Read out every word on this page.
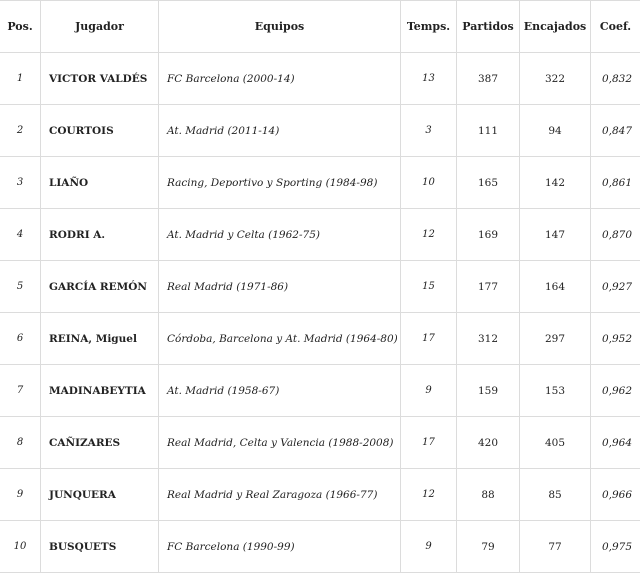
Pos.	Jugador	Equipos	Temps.	Partidos	Encajados	Coef.
1	VICTOR VALDÉS	FC Barcelona (2000-14)	13	387	322	0,832
2	COURTOIS	At. Madrid (2011-14)	3	111	94	0,847
3	LIAÑO	Racing, Deportivo y Sporting (1984-98)	10	165	142	0,861
4	RODRI A.	At. Madrid y Celta (1962-75)	12	169	147	0,870
5	GARCÍA REMÓN	Real Madrid (1971-86)	15	177	164	0,927
6	REINA, Miguel	Córdoba, Barcelona y At. Madrid (1964-80)	17	312	297	0,952
7	MADINABEYTIA	At. Madrid (1958-67)	9	159	153	0,962
8	CAÑIZARES	Real Madrid, Celta y Valencia (1988-2008)	17	420	405	0,964
9	JUNQUERA	Real Madrid y Real Zaragoza (1966-77)	12	88	85	0,966
10	BUSQUETS	FC Barcelona (1990-99)	9	79	77	0,975
